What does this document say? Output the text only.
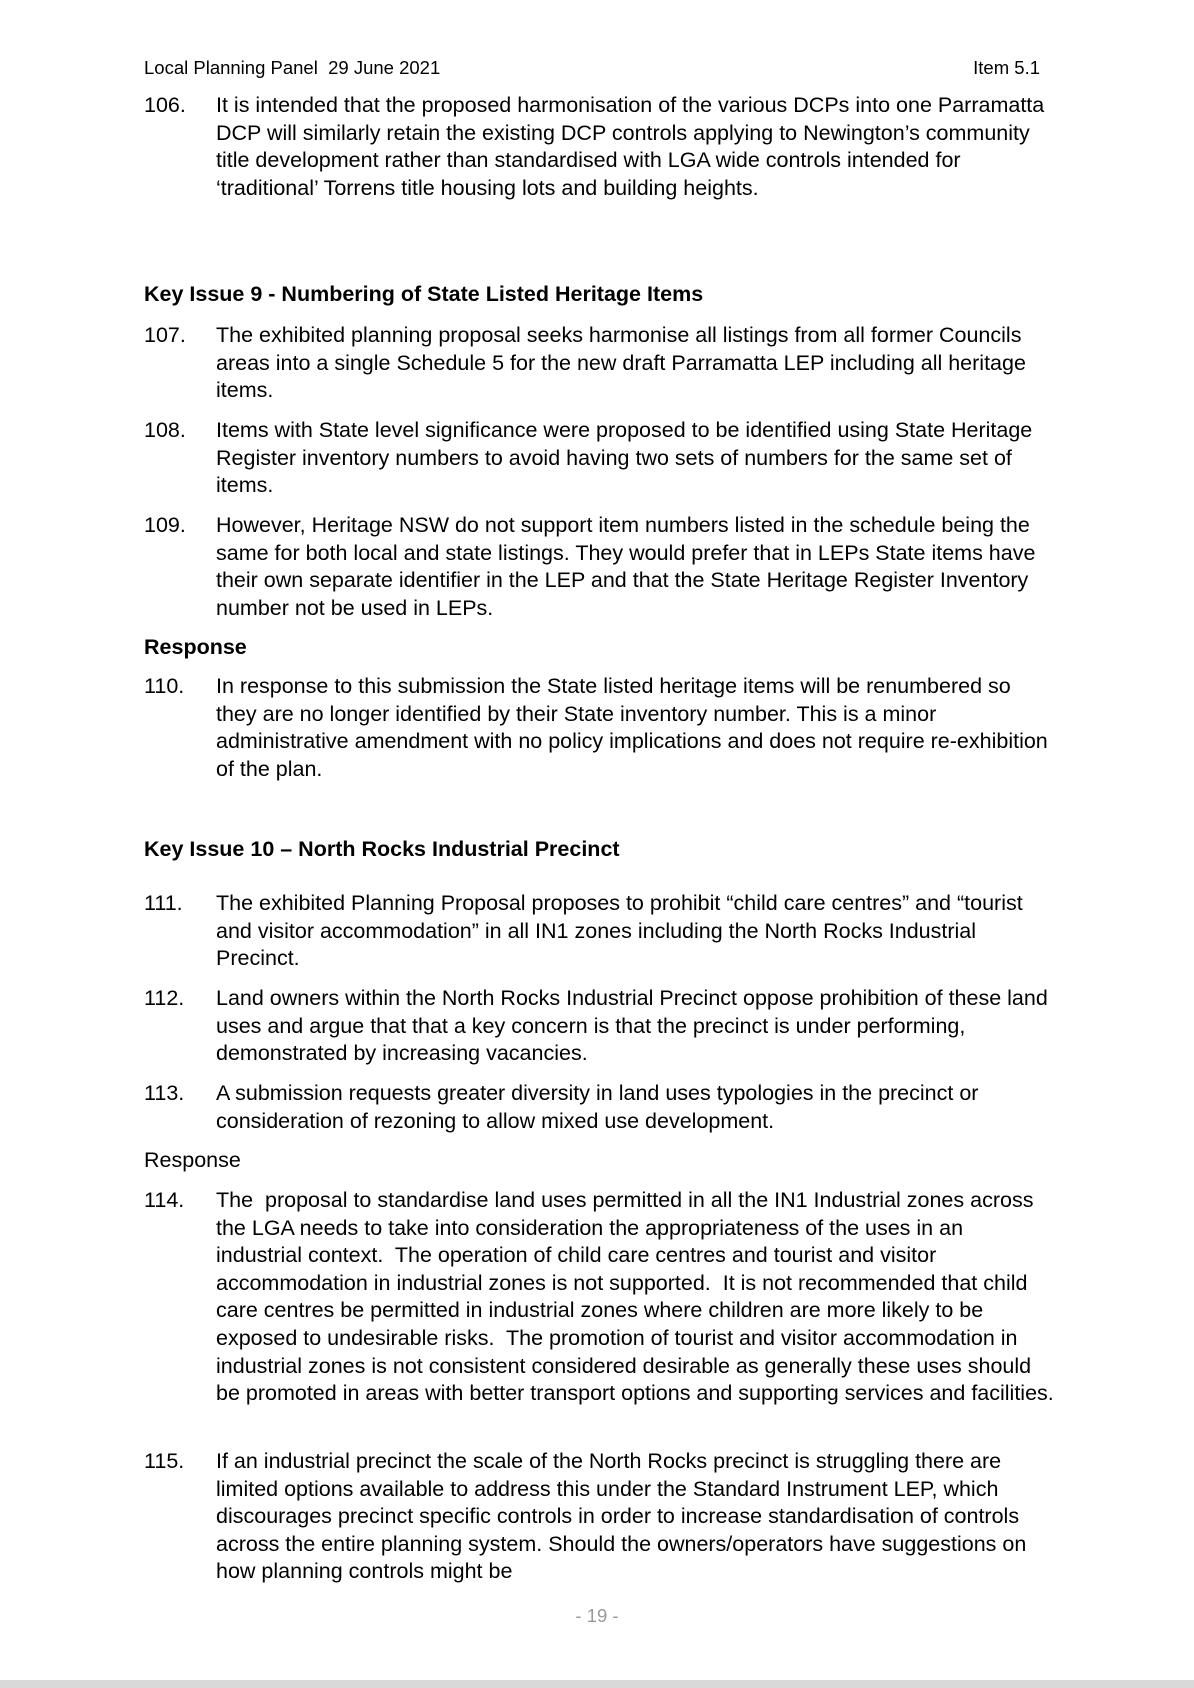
Local Planning Panel  29 June 2021	Item 5.1
106. It is intended that the proposed harmonisation of the various DCPs into one Parramatta DCP will similarly retain the existing DCP controls applying to Newington’s community title development rather than standardised with LGA wide controls intended for ‘traditional’ Torrens title housing lots and building heights.
Key Issue 9 - Numbering of State Listed Heritage Items
107. The exhibited planning proposal seeks harmonise all listings from all former Councils areas into a single Schedule 5 for the new draft Parramatta LEP including all heritage items.
108. Items with State level significance were proposed to be identified using State Heritage Register inventory numbers to avoid having two sets of numbers for the same set of items.
109. However, Heritage NSW do not support item numbers listed in the schedule being the same for both local and state listings. They would prefer that in LEPs State items have their own separate identifier in the LEP and that the State Heritage Register Inventory number not be used in LEPs.
Response
110. In response to this submission the State listed heritage items will be renumbered so they are no longer identified by their State inventory number. This is a minor administrative amendment with no policy implications and does not require re-exhibition of the plan.
Key Issue 10 – North Rocks Industrial Precinct
111. The exhibited Planning Proposal proposes to prohibit “child care centres” and “tourist and visitor accommodation” in all IN1 zones including the North Rocks Industrial Precinct.
112. Land owners within the North Rocks Industrial Precinct oppose prohibition of these land uses and argue that that a key concern is that the precinct is under performing, demonstrated by increasing vacancies.
113. A submission requests greater diversity in land uses typologies in the precinct or consideration of rezoning to allow mixed use development.
Response
114. The  proposal to standardise land uses permitted in all the IN1 Industrial zones across the LGA needs to take into consideration the appropriateness of the uses in an industrial context.  The operation of child care centres and tourist and visitor accommodation in industrial zones is not supported.  It is not recommended that child care centres be permitted in industrial zones where children are more likely to be exposed to undesirable risks.  The promotion of tourist and visitor accommodation in industrial zones is not consistent considered desirable as generally these uses should be promoted in areas with better transport options and supporting services and facilities.
115. If an industrial precinct the scale of the North Rocks precinct is struggling there are limited options available to address this under the Standard Instrument LEP, which discourages precinct specific controls in order to increase standardisation of controls across the entire planning system. Should the owners/operators have suggestions on how planning controls might be
- 19 -
